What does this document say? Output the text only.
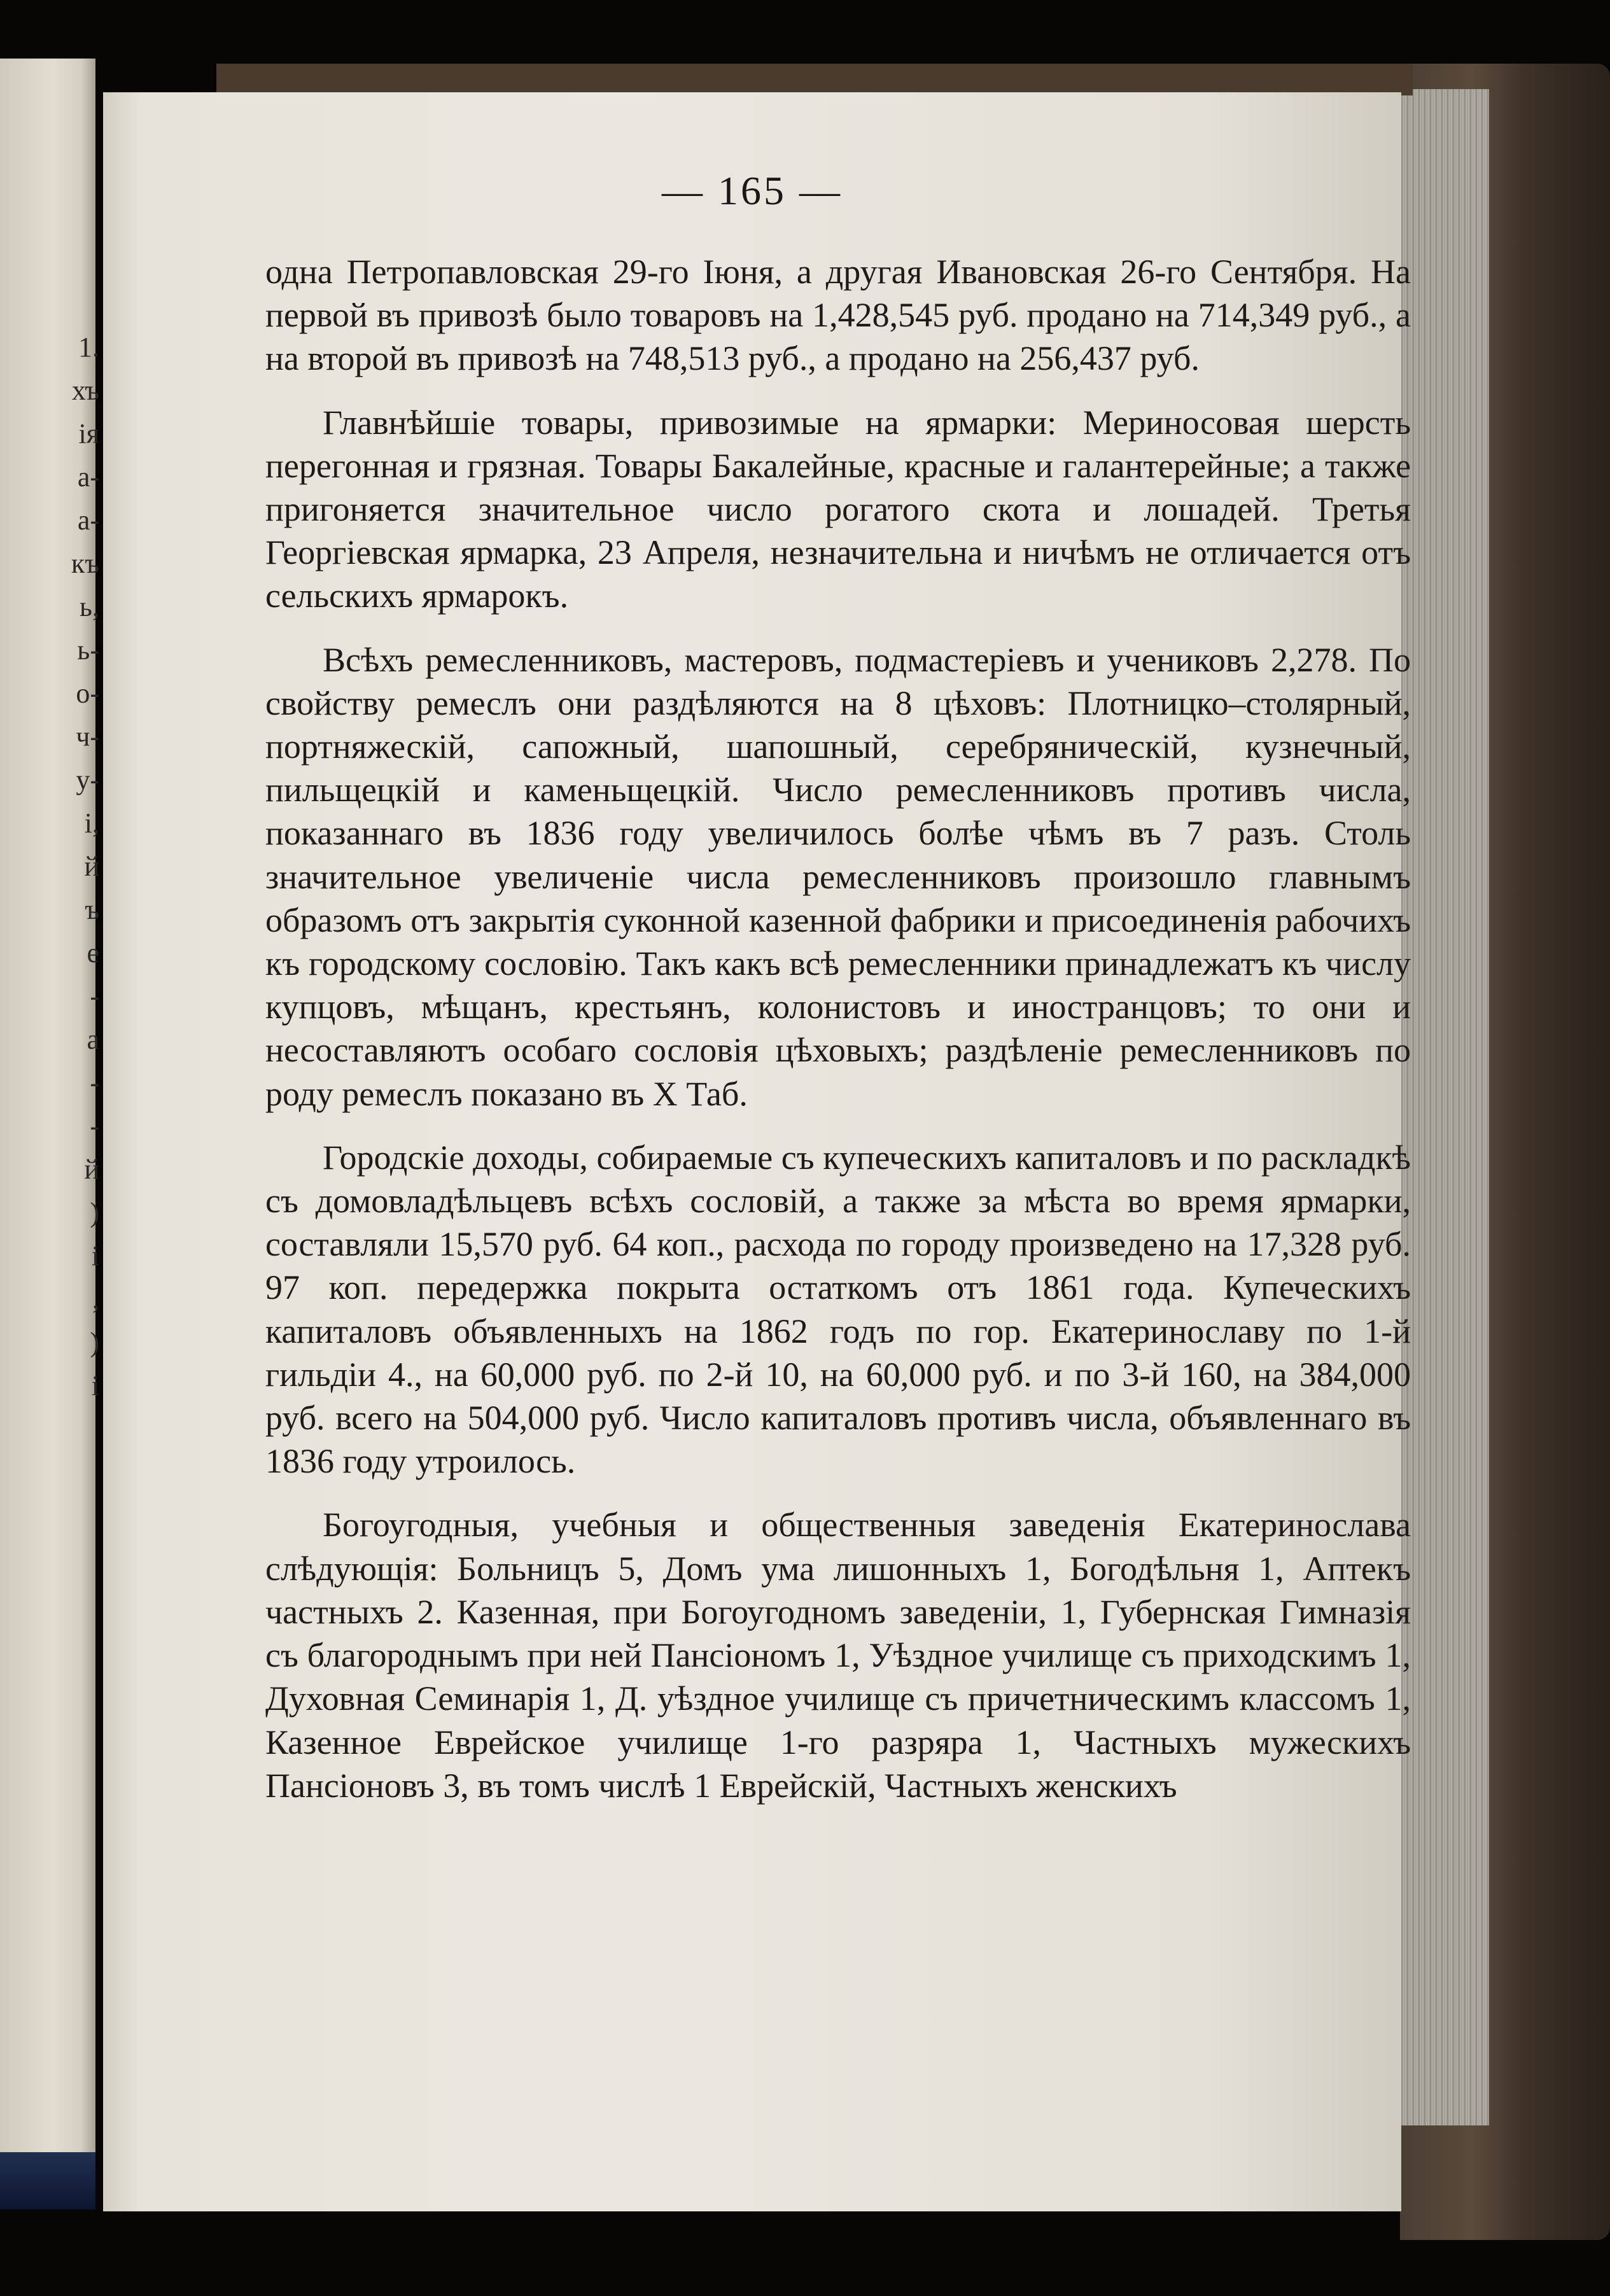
1.
хъ
ія
а-
а-
къ
ь,
ь-
о-
ч-
у-
і,
й
ъ
е
-
а
-
-
й
)
і
,
)
і
— 165 —

одна Петропавловская 29-го Іюня, а другая Ивановская 26-го Сентября. На первой въ привозѣ было товаровъ на 1,428,545 руб. продано на 714,349 руб., а на второй въ привозѣ на 748,513 руб., а продано на 256,437 руб.

Главнѣйшіе товары, привозимые на ярмарки: Мериносовая шерсть перегонная и грязная. Товары Бакалейные, красные и галантерейные; а также пригоняется значительное число рогатого скота и лошадей. Третья Георгіевская ярмарка, 23 Апреля, незначительна и ничѣмъ не отличается отъ сельскихъ ярмарокъ.

Всѣхъ ремесленниковъ, мастеровъ, подмастеріевъ и учениковъ 2,278. По свойству ремеслъ они раздѣляются на 8 цѣховъ: Плотницко–столярный, портняжескій, сапожный, шапошный, серебряническій, кузнечный, пильщецкій и каменьщецкій. Число ремесленниковъ противъ числа, показаннаго въ 1836 году увеличилось болѣе чѣмъ въ 7 разъ. Столь значительное увеличеніе числа ремесленниковъ произошло главнымъ образомъ отъ закрытія суконной казенной фабрики и присоединенія рабочихъ къ городскому сословію. Такъ какъ всѣ ремесленники принадлежатъ къ числу купцовъ, мѣщанъ, крестьянъ, колонистовъ и иностранцовъ; то они и несоставляютъ особаго сословія цѣховыхъ; раздѣленіе ремесленниковъ по роду ремеслъ показано въ X Таб.

Городскіе доходы, собираемые съ купеческихъ капиталовъ и по раскладкѣ съ домовладѣльцевъ всѣхъ сословій, а также за мѣста во время ярмарки, составляли 15,570 руб. 64 коп., расхода по городу произведено на 17,328 руб. 97 коп. передержка покрыта остаткомъ отъ 1861 года. Купеческихъ капиталовъ объявленныхъ на 1862 годъ по гор. Екатеринославу по 1-й гильдіи 4., на 60,000 руб. по 2-й 10, на 60,000 руб. и по 3-й 160, на 384,000 руб. всего на 504,000 руб. Число капиталовъ противъ числа, объявленнаго въ 1836 году утроилось.

Богоугодныя, учебныя и общественныя заведенія Екатеринослава слѣдующія: Больницъ 5, Домъ ума лишонныхъ 1, Богодѣльня 1, Аптекъ частныхъ 2. Казенная, при Богоугодномъ заведеніи, 1, Губернская Гимназія съ благороднымъ при ней Пансіономъ 1, Уѣздное училище съ приходскимъ 1, Духовная Семинарія 1, Д. уѣздное училище съ причетническимъ классомъ 1, Казенное Еврейское училище 1-го разряра 1, Частныхъ мужескихъ Пансіоновъ 3, въ томъ числѣ 1 Еврейскій, Частныхъ женскихъ
